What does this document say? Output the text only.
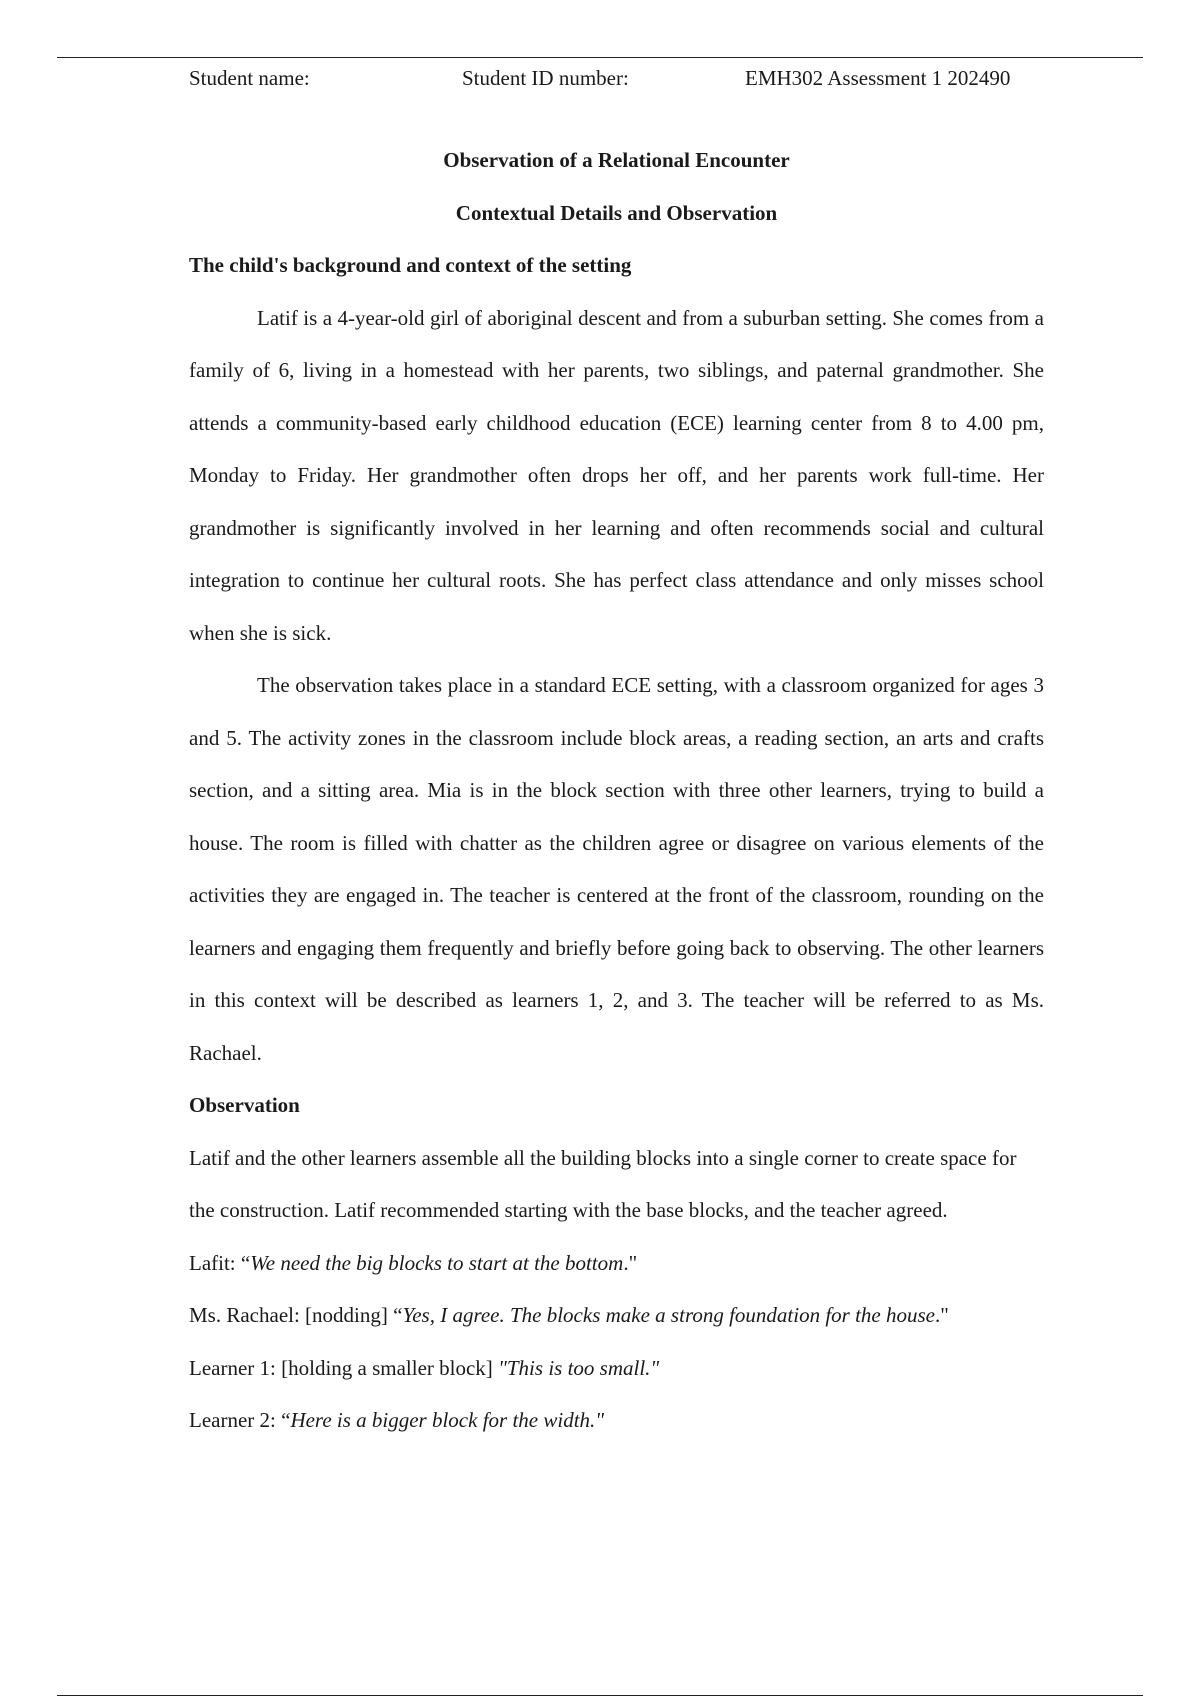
Student name:	Student ID number:	EMH302 Assessment 1 202490

Observation of a Relational Encounter

Contextual Details and Observation

The child's background and context of the setting

Latif is a 4-year-old girl of aboriginal descent and from a suburban setting. She comes from a family of 6, living in a homestead with her parents, two siblings, and paternal grandmother. She attends a community-based early childhood education (ECE) learning center from 8 to 4.00 pm, Monday to Friday. Her grandmother often drops her off, and her parents work full-time. Her grandmother is significantly involved in her learning and often recommends social and cultural integration to continue her cultural roots. She has perfect class attendance and only misses school when she is sick.

The observation takes place in a standard ECE setting, with a classroom organized for ages 3 and 5. The activity zones in the classroom include block areas, a reading section, an arts and crafts section, and a sitting area. Mia is in the block section with three other learners, trying to build a house. The room is filled with chatter as the children agree or disagree on various elements of the activities they are engaged in. The teacher is centered at the front of the classroom, rounding on the learners and engaging them frequently and briefly before going back to observing. The other learners in this context will be described as learners 1, 2, and 3. The teacher will be referred to as Ms. Rachael.

Observation

Latif and the other learners assemble all the building blocks into a single corner to create space for the construction. Latif recommended starting with the base blocks, and the teacher agreed.

Lafit: “We need the big blocks to start at the bottom."

Ms. Rachael: [nodding] “Yes, I agree. The blocks make a strong foundation for the house."

Learner 1: [holding a smaller block] "This is too small."

Learner 2: “Here is a bigger block for the width."
